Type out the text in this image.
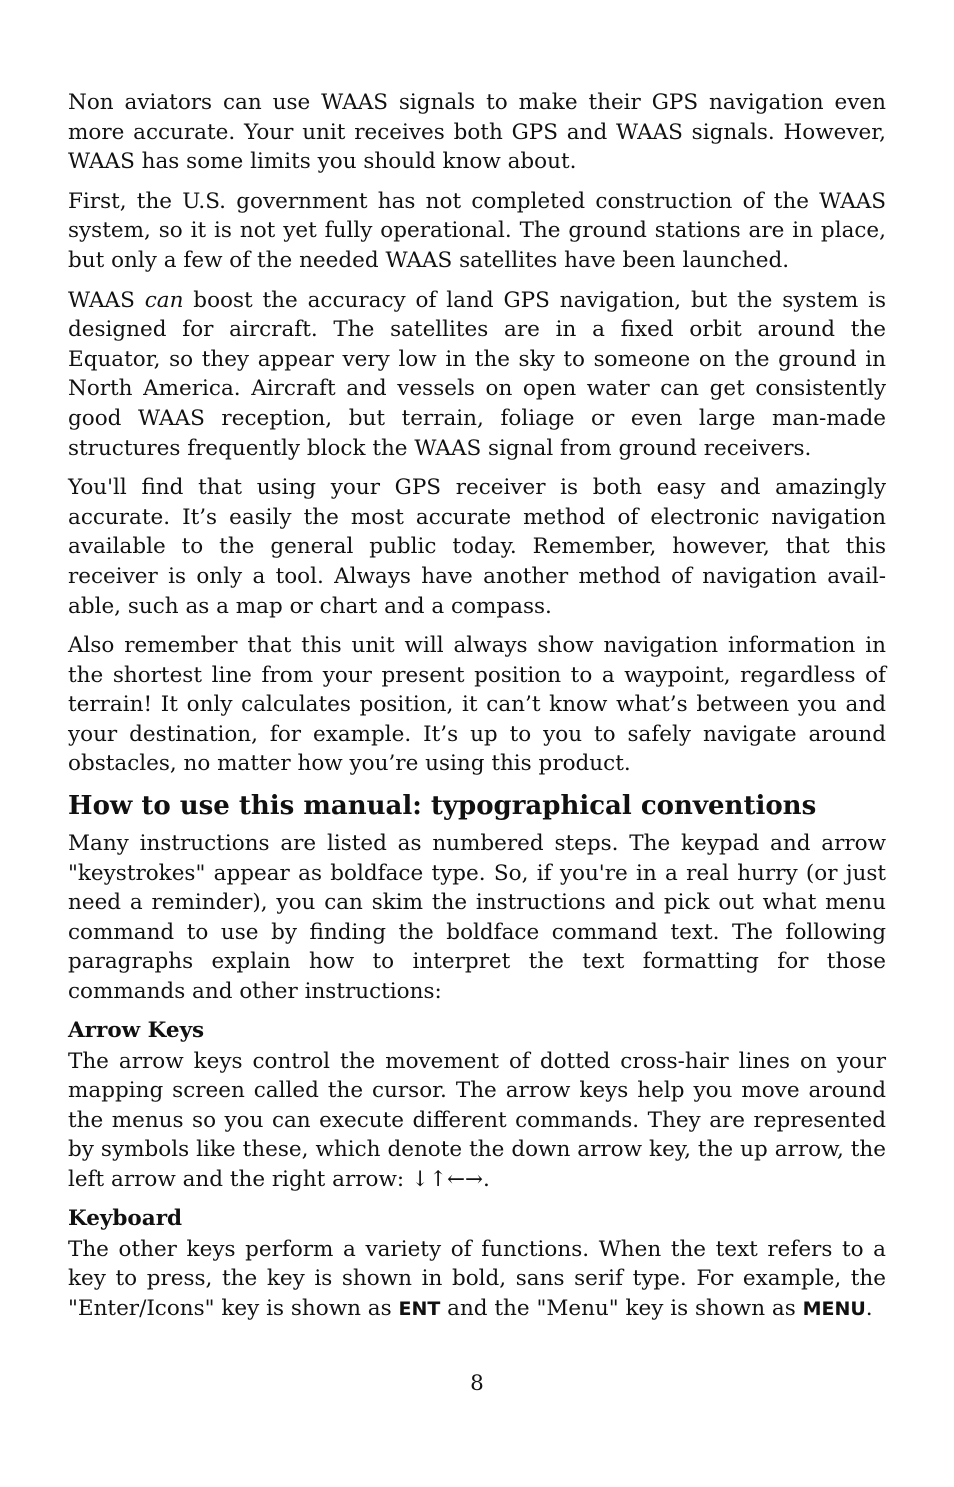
Non aviators can use WAAS signals to make their GPS navigation even more accurate. Your unit receives both GPS and WAAS signals. However, WAAS has some limits you should know about.

First, the U.S. government has not completed construction of the WAAS system, so it is not yet fully operational. The ground stations are in place, but only a few of the needed WAAS satellites have been launched.

WAAS can boost the accuracy of land GPS navigation, but the system is designed for aircraft. The satellites are in a fixed orbit around the Equator, so they appear very low in the sky to someone on the ground in North America. Aircraft and vessels on open water can get consistently good WAAS reception, but terrain, foliage or even large man-made structures frequently block the WAAS signal from ground receivers.

You'll find that using your GPS receiver is both easy and amazingly accurate. It’s easily the most accurate method of electronic navigation available to the general public today. Remember, however, that this receiver is only a tool. Always have another method of navigation available, such as a map or chart and a compass.

Also remember that this unit will always show navigation information in the shortest line from your present position to a waypoint, regardless of terrain! It only calculates position, it can’t know what’s between you and your destination, for example. It’s up to you to safely navigate around obstacles, no matter how you’re using this product.

How to use this manual: typographical conventions

Many instructions are listed as numbered steps. The keypad and arrow "keystrokes" appear as boldface type. So, if you're in a real hurry (or just need a reminder), you can skim the instructions and pick out what menu command to use by finding the boldface command text. The following paragraphs explain how to interpret the text formatting for those commands and other instructions:

Arrow Keys

The arrow keys control the movement of dotted cross-hair lines on your mapping screen called the cursor. The arrow keys help you move around the menus so you can execute different commands. They are represented by symbols like these, which denote the down arrow key, the up arrow, the left arrow and the right arrow: ↓↑←→.

Keyboard

The other keys perform a variety of functions. When the text refers to a key to press, the key is shown in bold, sans serif type. For example, the "Enter/Icons" key is shown as ENT and the "Menu" key is shown as MENU.

8
